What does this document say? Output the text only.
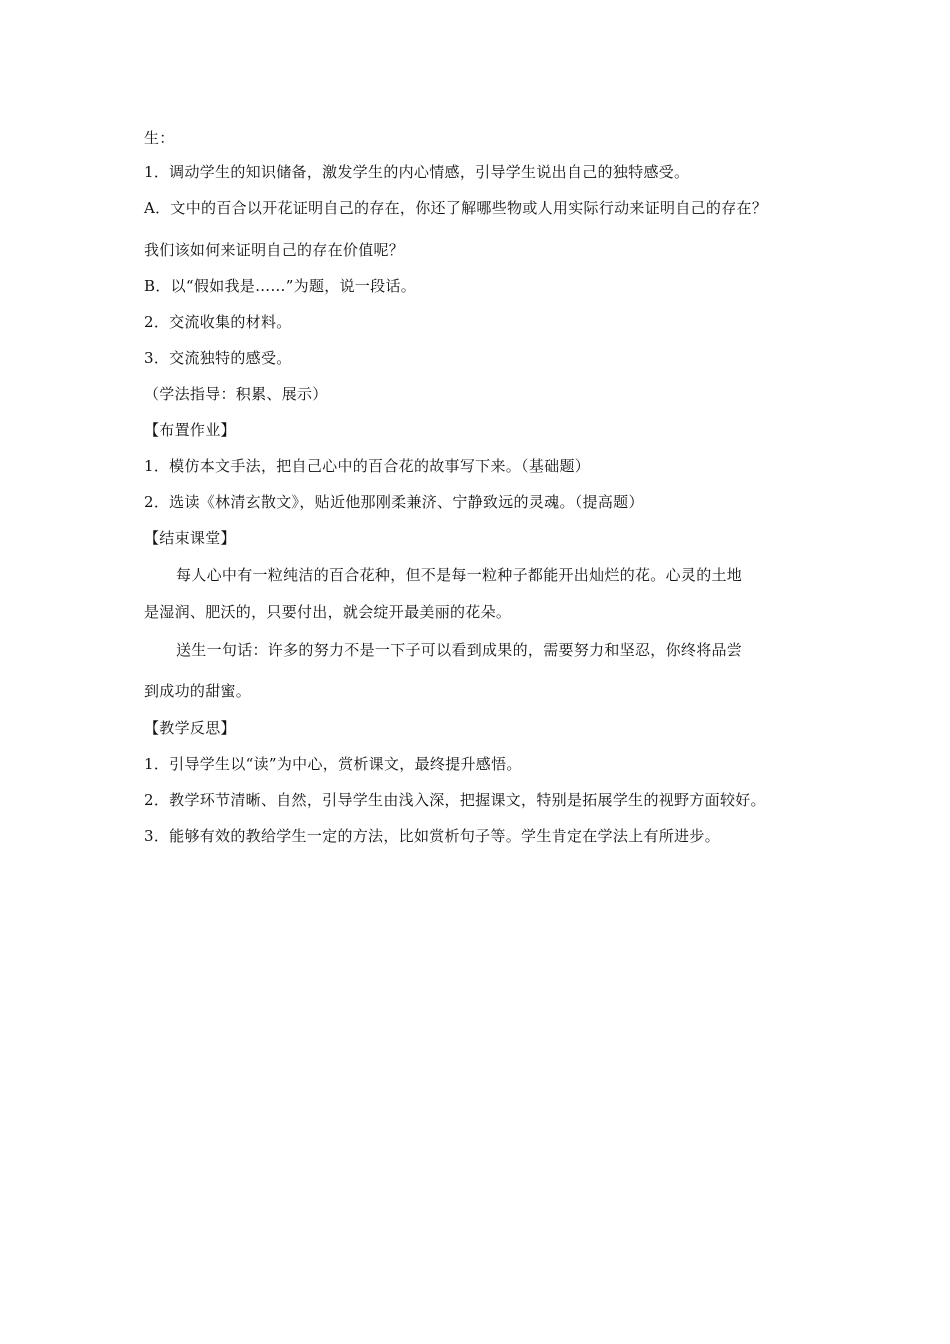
生：
1．调动学生的知识储备，激发学生的内心情感，引导学生说出自己的独特感受。
A．文中的百合以开花证明自己的存在，你还了解哪些物或人用实际行动来证明自己的存在？
我们该如何来证明自己的存在价值呢？
B．以“假如我是……”为题，说一段话。
2．交流收集的材料。
3．交流独特的感受。
（学法指导：积累、展示）
【布置作业】
1．模仿本文手法，把自己心中的百合花的故事写下来。（基础题）
2．选读《林清玄散文》，贴近他那刚柔兼济、宁静致远的灵魂。（提高题）
【结束课堂】
每人心中有一粒纯洁的百合花种，但不是每一粒种子都能开出灿烂的花。心灵的土地
是湿润、肥沃的，只要付出，就会绽开最美丽的花朵。
送生一句话：许多的努力不是一下子可以看到成果的，需要努力和坚忍，你终将品尝
到成功的甜蜜。
【教学反思】
1．引导学生以“读”为中心，赏析课文，最终提升感悟。
2．教学环节清晰、自然，引导学生由浅入深，把握课文，特别是拓展学生的视野方面较好。
3．能够有效的教给学生一定的方法，比如赏析句子等。学生肯定在学法上有所进步。
